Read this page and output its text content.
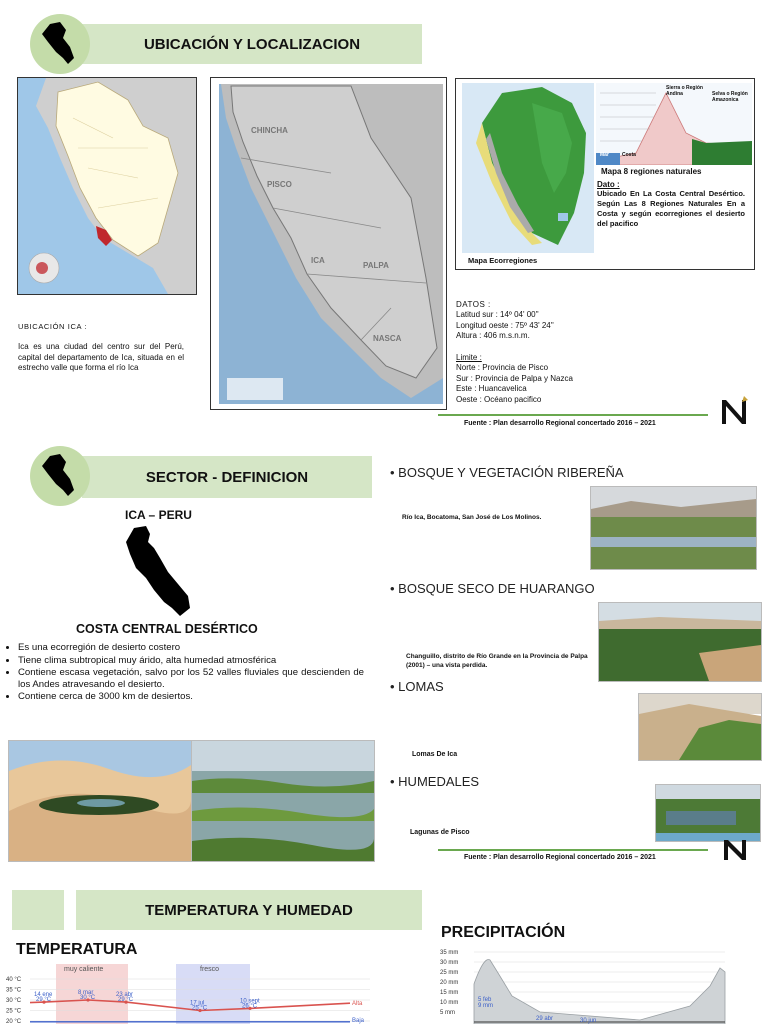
UBICACIÓN Y LOCALIZACION
UBICACIÓN ICA :
Ica es una ciudad del centro sur del Perú, capital del departamento de Ica, situada en el estrecho valle que forma el río Ica
CHINCHA
PISCO
ICA
PALPA
NASCA
Sierra o Región Andina	Selva o Región Amazonica
Mar	Costa
Mapa 8 regiones naturales
Dato :
Ubicado En La Costa Central Desértico. Según Las 8 Regiones Naturales En a Costa y según ecorregiones el desierto del pacifico
Mapa Ecorregiones
DATOS :
Latitud sur : 14º 04' 00''
Longitud oeste : 75º 43' 24''
Altura : 406 m.s.n.m.
Limite :
Norte : Provincia de Pisco
Sur : Provincia de Palpa y Nazca
Este : Huancavelica
Oeste : Océano pacifico
Fuente : Plan desarrollo Regional concertado 2016 – 2021
SECTOR - DEFINICION
ICA – PERU
COSTA CENTRAL DESÉRTICO
• Es una ecorregión de desierto costero
• Tiene clima subtropical muy árido, alta humedad atmosférica
• Contiene escasa vegetación, salvo por los 52 valles fluviales que descienden de los Andes atravesando el desierto.
• Contiene cerca de 3000 km de desiertos.
• BOSQUE Y VEGETACIÓN RIBEREÑA
Río Ica, Bocatoma, San José de Los Molinos.
• BOSQUE SECO DE HUARANGO
Changuillo, distrito de Río Grande en la Provincia de Palpa (2001) – una vista perdida.
• LOMAS
Lomas De Ica
• HUMEDALES
Lagunas de Pisco
Fuente : Plan desarrollo Regional concertado 2016 – 2021
TEMPERATURA Y HUMEDAD
TEMPERATURA
PRECIPITACIÓN
muy caliente	fresco
40 °C
35 °C
30 °C
25 °C
20 °C
Alta
Baja
14 ene
29 °C
8 mar
30 °C	23 abr
29 °C
17 jul
25 °C
10 sept
26 °C
35 mm
30 mm
25 mm
20 mm
15 mm
10 mm
5 mm
5 feb
9 mm
29 abr	30 jun
